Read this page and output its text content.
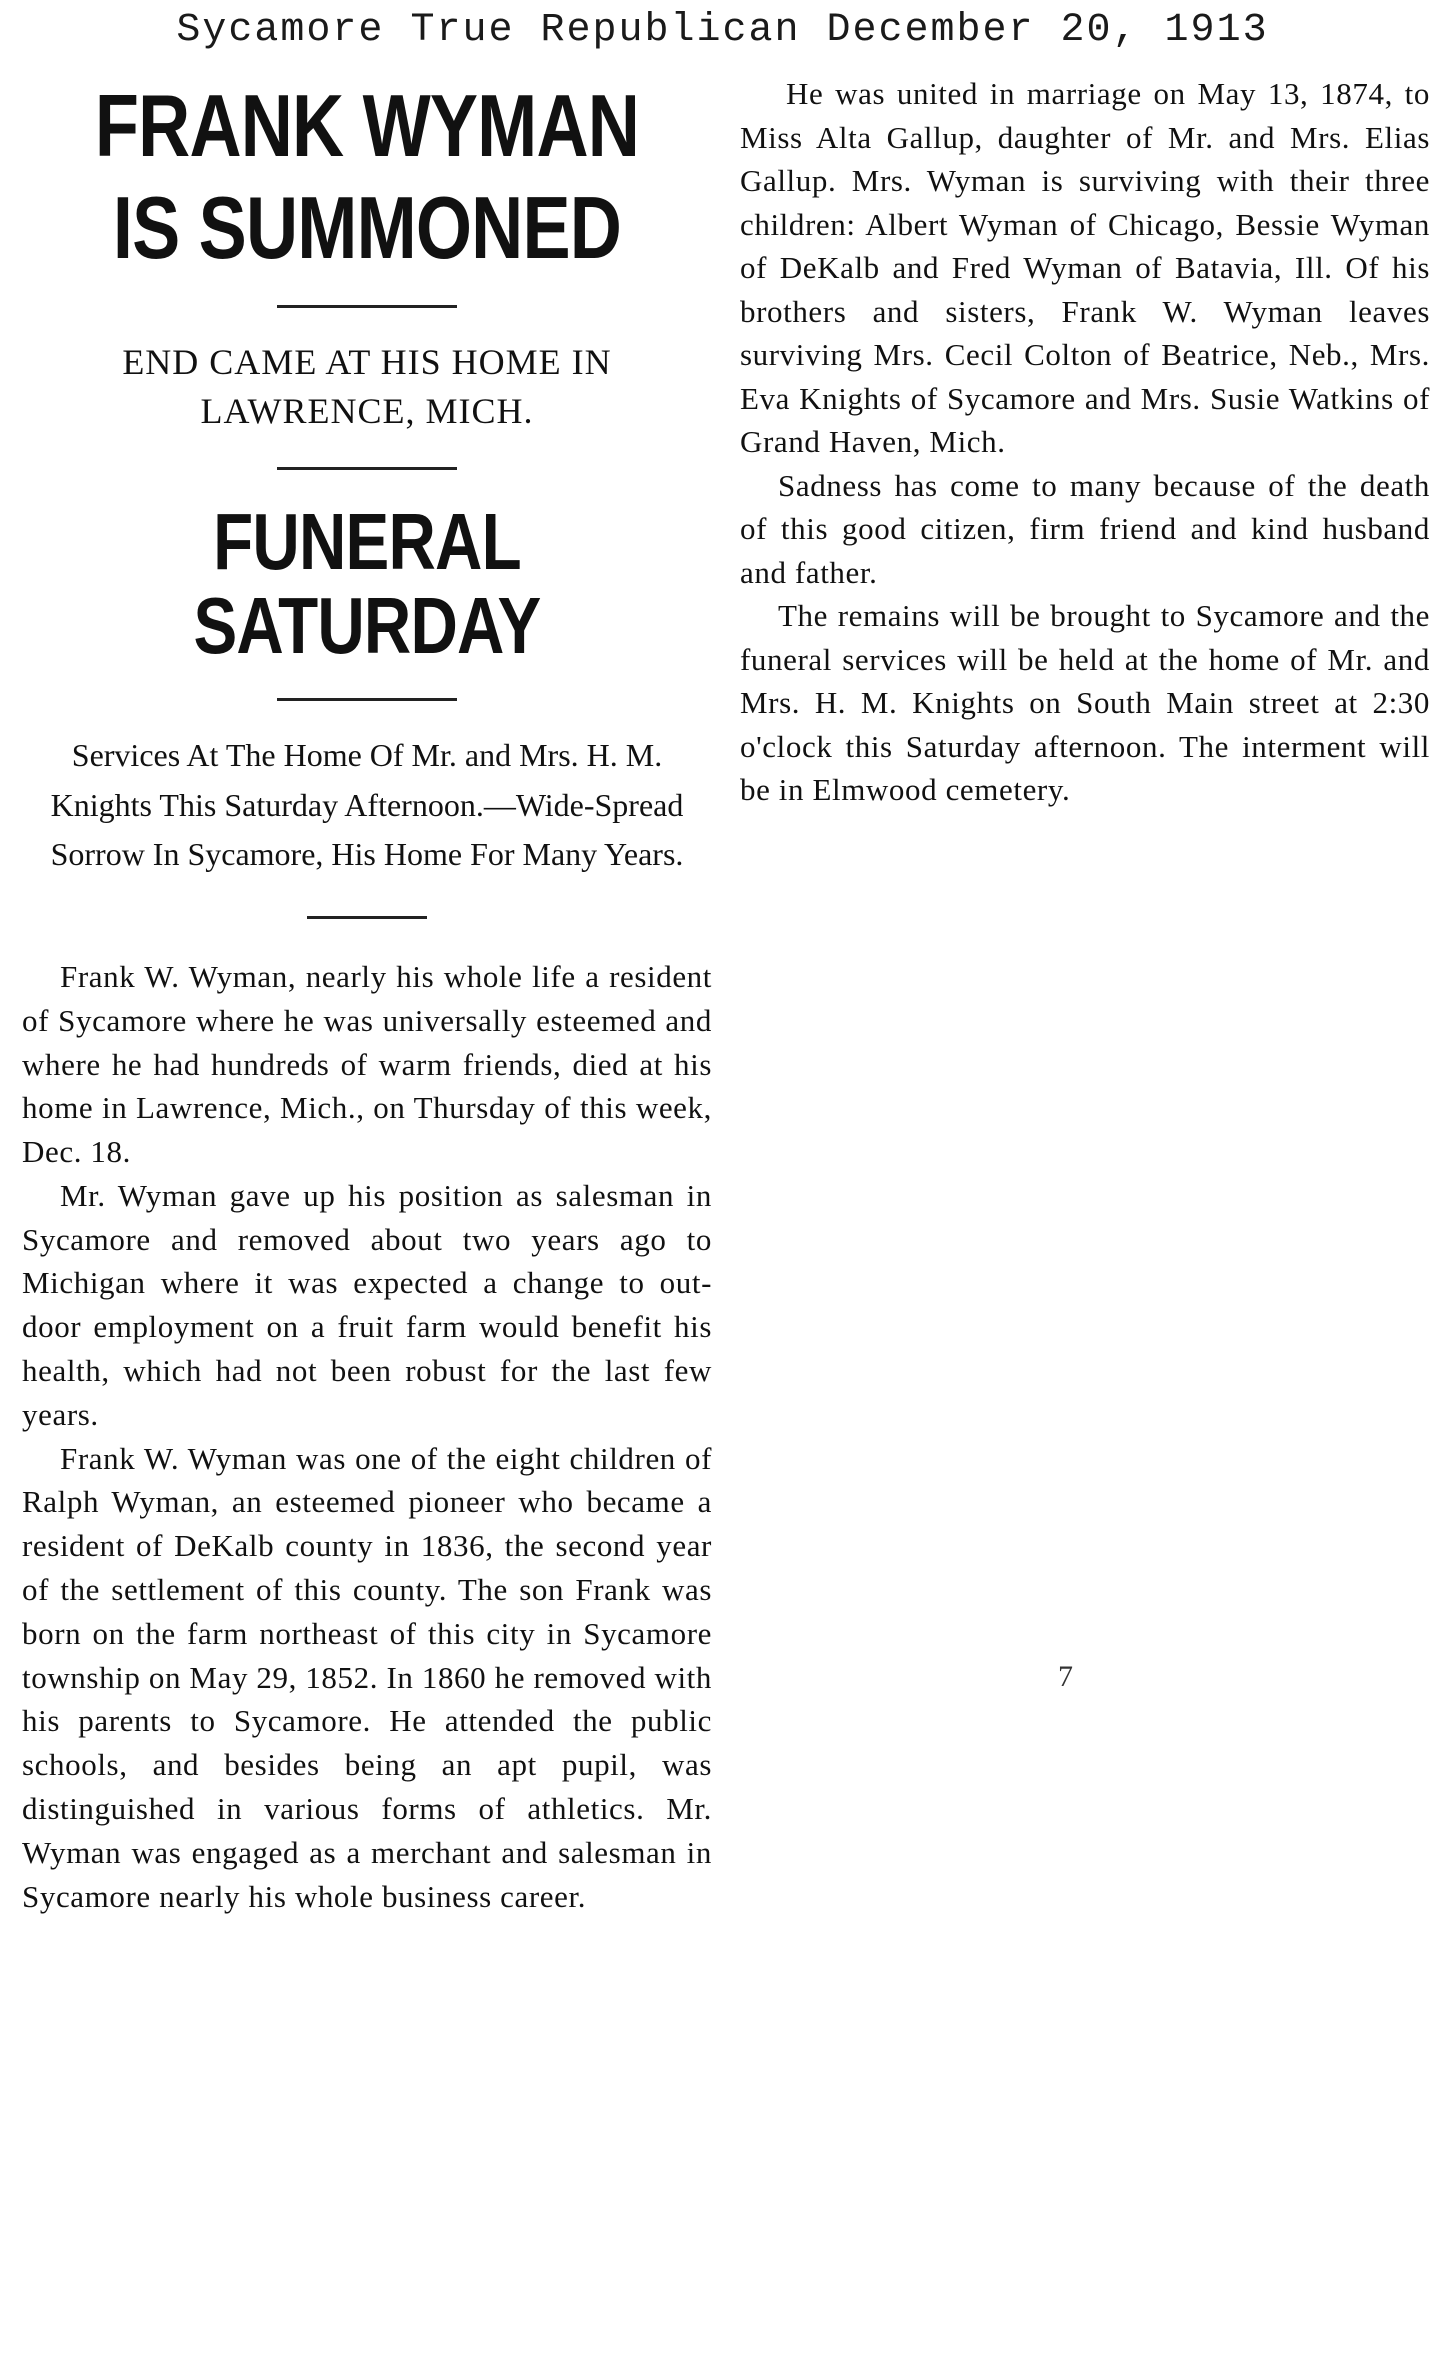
Sycamore True Republican December 20, 1913
FRANK WYMAN
IS SUMMONED
END CAME AT HIS HOME IN LAWRENCE, MICH.
FUNERAL SATURDAY
Services At The Home Of Mr. and Mrs. H. M. Knights This Saturday Afternoon.—Wide-Spread Sorrow In Sycamore, His Home For Many Years.

Frank W. Wyman, nearly his whole life a resident of Sycamore where he was universally esteemed and where he had hundreds of warm friends, died at his home in Lawrence, Mich., on Thursday of this week, Dec. 18.

Mr. Wyman gave up his position as salesman in Sycamore and removed about two years ago to Michigan where it was expected a change to out-door employment on a fruit farm would benefit his health, which had not been robust for the last few years.

Frank W. Wyman was one of the eight children of Ralph Wyman, an esteemed pioneer who became a resident of DeKalb county in 1836, the second year of the settlement of this county. The son Frank was born on the farm northeast of this city in Sycamore township on May 29, 1852. In 1860 he removed with his parents to Sycamore. He attended the public schools, and besides being an apt pupil, was distinguished in various forms of athletics. Mr. Wyman was engaged as a merchant and salesman in Sycamore nearly his whole business career.

He was united in marriage on May 13, 1874, to Miss Alta Gallup, daughter of Mr. and Mrs. Elias Gallup. Mrs. Wyman is surviving with their three children: Albert Wyman of Chicago, Bessie Wyman of DeKalb and Fred Wyman of Batavia, Ill. Of his brothers and sisters, Frank W. Wyman leaves surviving Mrs. Cecil Colton of Beatrice, Neb., Mrs. Eva Knights of Sycamore and Mrs. Susie Watkins of Grand Haven, Mich.

Sadness has come to many because of the death of this good citizen, firm friend and kind husband and father.

The remains will be brought to Sycamore and the funeral services will be held at the home of Mr. and Mrs. H. M. Knights on South Main street at 2:30 o'clock this Saturday afternoon. The interment will be in Elmwood cemetery.

7
